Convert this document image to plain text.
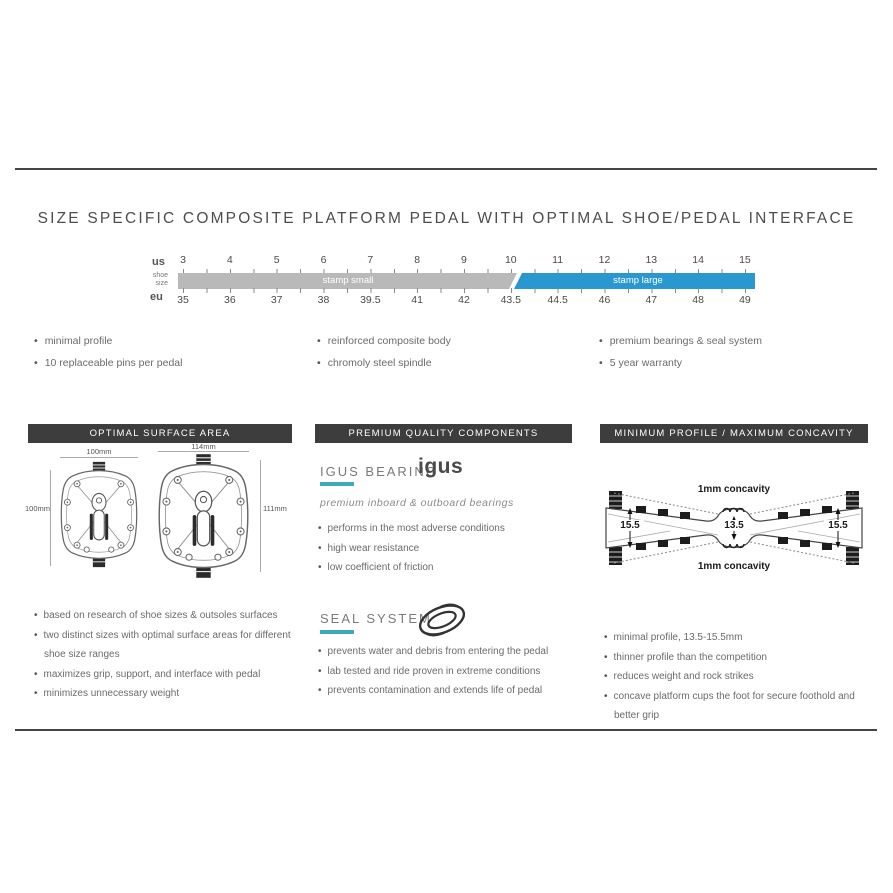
SIZE SPECIFIC COMPOSITE PLATFORM PEDAL WITH OPTIMAL SHOE/PEDAL INTERFACE
us
shoe
size
eu
3	4	5	6	7	8	9	10	11	12	13	14	15
stamp small	stamp large
35	36	37	38	39.5	41	42	43.5	44.5	46	47	48	49
• minimal profile
• 10 replaceable pins per pedal
• reinforced composite body
• chromoly steel spindle
• premium bearings & seal system
• 5 year warranty
OPTIMAL SURFACE AREA	PREMIUM QUALITY COMPONENTS	MINIMUM PROFILE / MAXIMUM CONCAVITY
100mm
100mm
114mm
111mm
• based on research of shoe sizes & outsoles surfaces
• two distinct sizes with optimal surface areas for different shoe size ranges
• maximizes grip, support, and interface with pedal
• minimizes unnecessary weight
IGUS BEARING
igus
premium inboard & outboard bearings
• performs in the most adverse conditions
• high wear resistance
• low coefficient of friction
SEAL SYSTEM
• prevents water and debris from entering the pedal
• lab tested and ride proven in extreme conditions
• prevents contamination and extends life of pedal
1mm concavity
15.5	13.5	15.5
1mm concavity
• minimal profile, 13.5-15.5mm
• thinner profile than the competition
• reduces weight and rock strikes
• concave platform cups the foot for secure foothold and better grip
